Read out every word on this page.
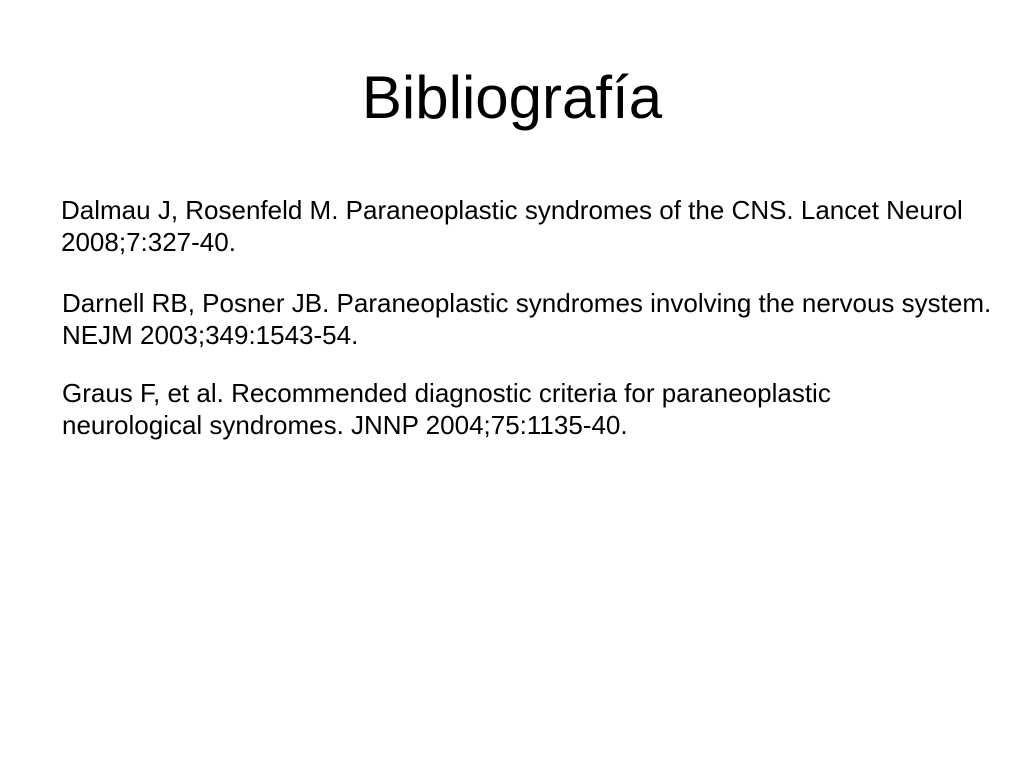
Bibliografía

Dalmau J, Rosenfeld M. Paraneoplastic syndromes of the CNS. Lancet Neurol 2008;7:327-40.

Darnell RB, Posner JB. Paraneoplastic syndromes involving the nervous system. NEJM 2003;349:1543-54.

Graus F, et al. Recommended diagnostic criteria for paraneoplastic neurological syndromes. JNNP 2004;75:1135-40.
